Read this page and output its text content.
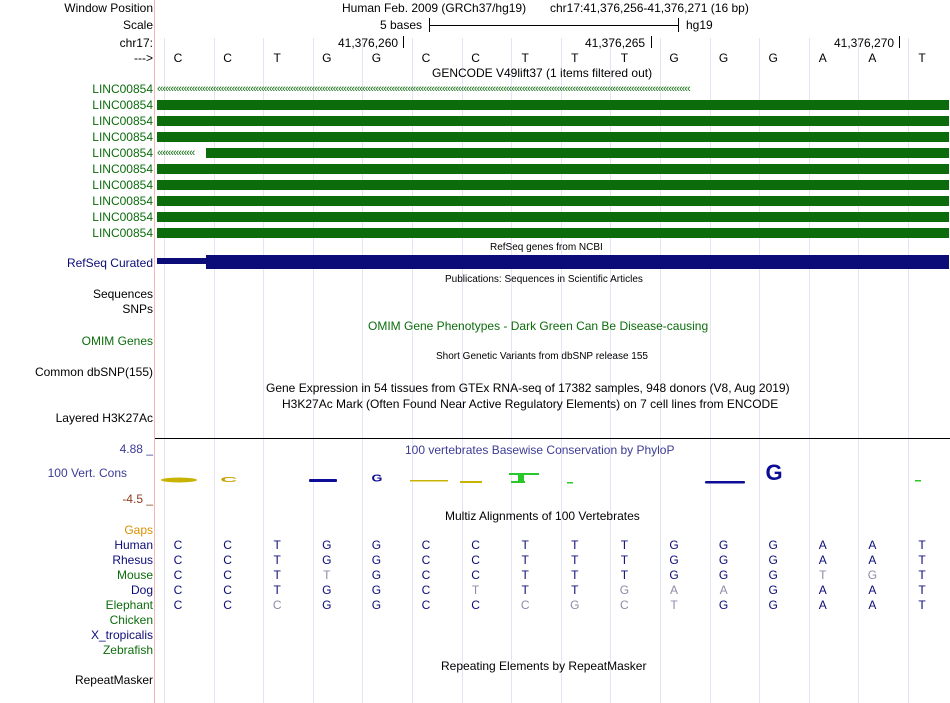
Window Position	Human Feb. 2009 (GRCh37/hg19) chr17:41,376,256-41,376,271 (16 bp)
Scale	5 bases	hg19
chr17:	41,376,260	41,376,265	41,376,270
--->	C	C	T	G	G	C	C	T	T	T	G	G	G	A	A	T
GENCODE V49lift37 (1 items filtered out)
LINC00854 ‹‹‹‹‹‹‹‹‹‹‹‹‹‹‹‹‹‹‹‹‹‹‹‹‹‹‹‹‹‹‹‹‹‹‹‹‹‹‹‹‹‹‹‹‹‹‹‹‹‹‹‹‹‹‹‹‹‹‹‹‹‹‹‹‹‹‹‹‹‹‹‹‹‹‹‹‹‹‹‹‹‹‹‹‹‹‹‹‹‹‹‹‹‹‹‹‹‹‹‹‹‹‹‹‹‹‹‹‹‹‹‹‹‹‹‹‹‹‹‹‹‹‹‹‹‹‹‹‹‹‹‹‹‹‹‹‹‹‹‹‹‹‹‹‹‹‹‹‹‹‹‹‹‹‹‹‹‹‹‹‹‹‹‹‹‹‹‹‹‹‹‹‹‹‹‹‹‹‹‹‹‹‹‹‹‹‹‹‹‹‹‹‹‹‹‹‹‹‹‹
LINC00854
LINC00854
LINC00854
LINC00854 ‹‹‹‹‹‹‹‹‹‹‹‹‹‹
LINC00854
LINC00854
LINC00854
LINC00854
LINC00854
RefSeq genes from NCBI
RefSeq Curated
Publications: Sequences in Scientific Articles
Sequences
SNPs
OMIM Gene Phenotypes - Dark Green Can Be Disease-causing
OMIM Genes
Short Genetic Variants from dbSNP release 155
Common dbSNP(155)
Gene Expression in 54 tissues from GTEx RNA-seq of 17382 samples, 948 donors (V8, Aug 2019)
H3K27Ac Mark (Often Found Near Active Regulatory Elements) on 7 cell lines from ENCODE
Layered H3K27Ac
100 vertebrates Basewise Conservation by PhyloP
4.88 _
100 Vert. Cons
-4.5 _
C	G	G
Multiz Alignments of 100 Vertebrates
Gaps
Human	C	C	T	G	G	C	C	T	T	T	G	G	G	A	A	T
Rhesus	C	C	T	G	G	C	C	T	T	T	G	G	G	A	A	T
Mouse	C	C	T	T	G	C	C	T	T	T	G	G	G	T	G	T
Dog	C	C	T	G	G	C	T	T	T	G	A	A	G	A	A	T
Elephant	C	C	C	G	G	C	C	C	G	C	T	G	G	A	A	T
Chicken
X_tropicalis
Zebrafish
Repeating Elements by RepeatMasker
RepeatMasker
